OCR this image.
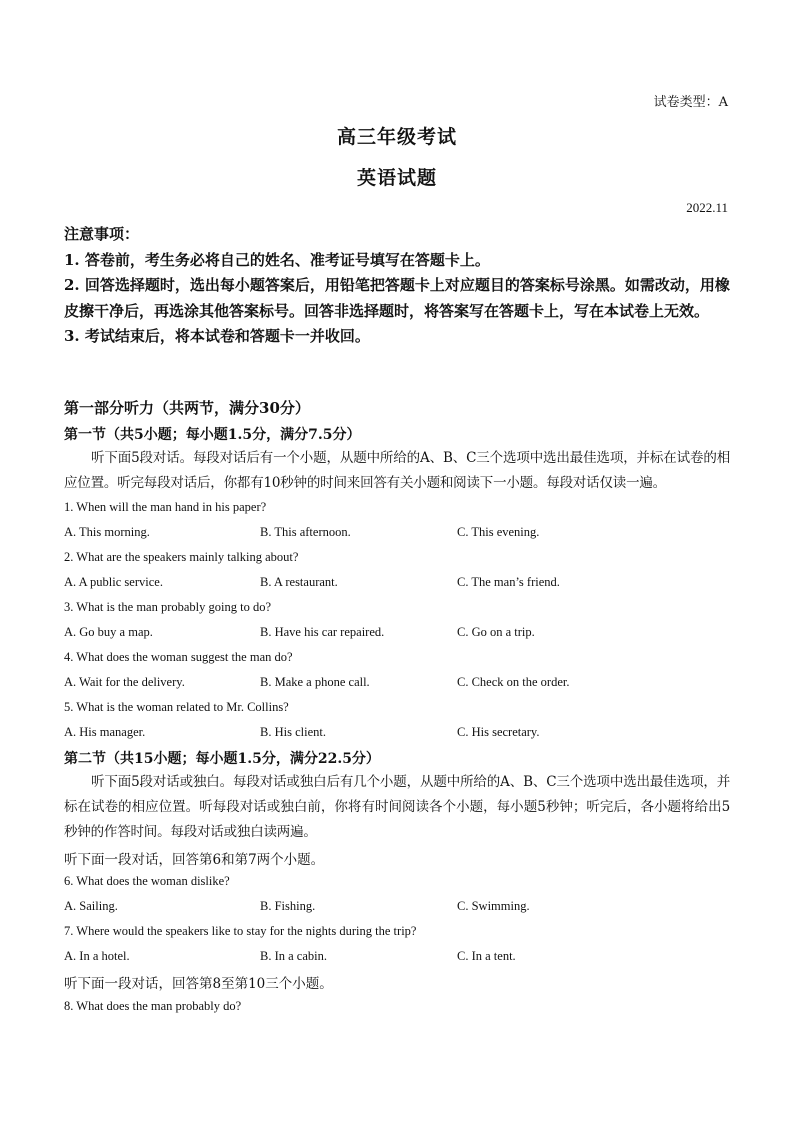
试卷类型：A
高三年级考试
英语试题
2022.11

注意事项：

1. 答卷前，考生务必将自己的姓名、准考证号填写在答题卡上。

2. 回答选择题时，选出每小题答案后，用铅笔把答题卡上对应题目的答案标号涂黑。如需改动，用橡皮擦干净后，再选涂其他答案标号。回答非选择题时，将答案写在答题卡上，写在本试卷上无效。

3. 考试结束后，将本试卷和答题卡一并收回。

第一部分听力（共两节，满分30分）
第一节（共5小题；每小题1.5分，满分7.5分）

听下面5段对话。每段对话后有一个小题，从题中所给的A、B、C三个选项中选出最佳选项，并标在试卷的相应位置。听完每段对话后，你都有10秒钟的时间来回答有关小题和阅读下一小题。每段对话仅读一遍。

1. When will the man hand in his paper?
A. This morning.	B. This afternoon.	C. This evening.
2. What are the speakers mainly talking about?
A. A public service.	B. A restaurant.	C. The man’s friend.
3. What is the man probably going to do?
A. Go buy a map.	B. Have his car repaired.	C. Go on a trip.
4. What does the woman suggest the man do?
A. Wait for the delivery.	B. Make a phone call.	C. Check on the order.
5. What is the woman related to Mr. Collins?
A. His manager.	B. His client.	C. His secretary.
第二节（共15小题；每小题1.5分，满分22.5分）

听下面5段对话或独白。每段对话或独白后有几个小题，从题中所给的A、B、C三个选项中选出最佳选项，并标在试卷的相应位置。听每段对话或独白前，你将有时间阅读各个小题，每小题5秒钟；听完后，各小题将给出5秒钟的作答时间。每段对话或独白读两遍。

听下面一段对话，回答第6和第7两个小题。
6. What does the woman dislike?
A. Sailing.	B. Fishing.	C. Swimming.
7. Where would the speakers like to stay for the nights during the trip?
A. In a hotel.	B. In a cabin.	C. In a tent.
听下面一段对话，回答第8至第10三个小题。
8. What does the man probably do?
